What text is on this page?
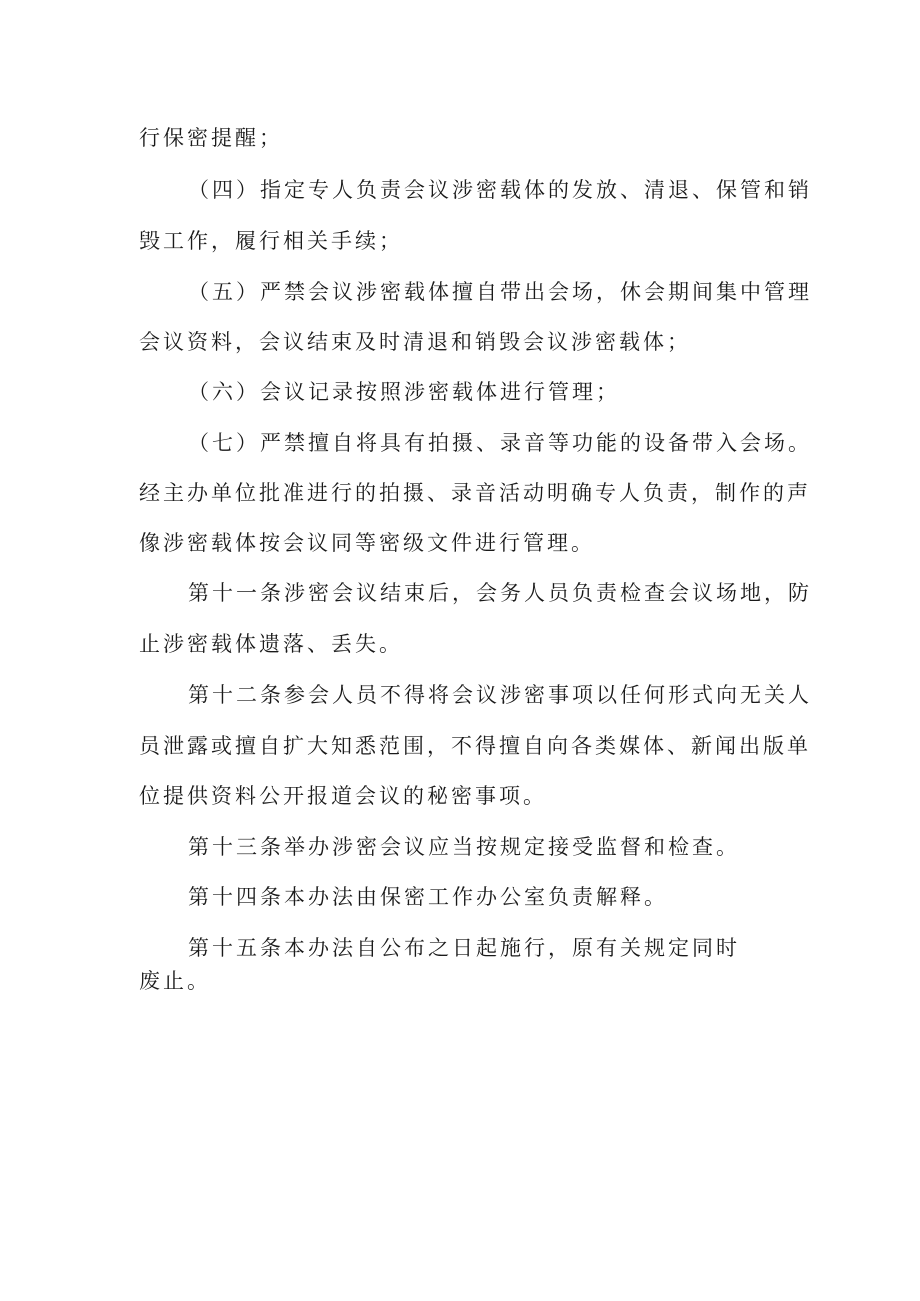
行保密提醒；
（四）指定专人负责会议涉密载体的发放、清退、保管和销
毁工作，履行相关手续；
（五）严禁会议涉密载体擅自带出会场，休会期间集中管理
会议资料，会议结束及时清退和销毁会议涉密载体；
（六）会议记录按照涉密载体进行管理；
（七）严禁擅自将具有拍摄、录音等功能的设备带入会场。
经主办单位批准进行的拍摄、录音活动明确专人负责，制作的声
像涉密载体按会议同等密级文件进行管理。
第十一条涉密会议结束后，会务人员负责检查会议场地，防
止涉密载体遗落、丢失。
第十二条参会人员不得将会议涉密事项以任何形式向无关人
员泄露或擅自扩大知悉范围，不得擅自向各类媒体、新闻出版单
位提供资料公开报道会议的秘密事项。
第十三条举办涉密会议应当按规定接受监督和检查。
第十四条本办法由保密工作办公室负责解释。
第十五条本办法自公布之日起施行，原有关规定同时
废止。
